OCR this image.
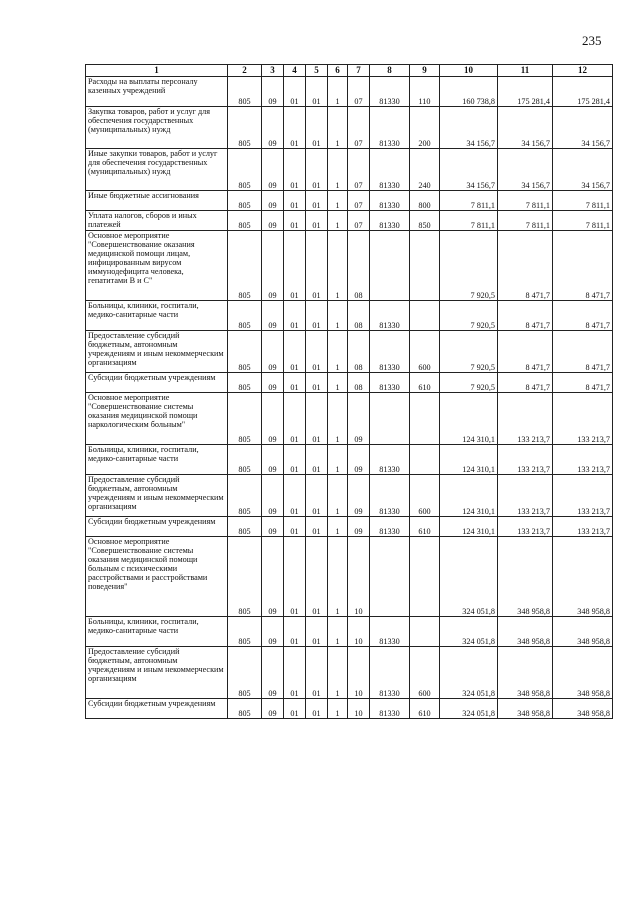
235
1	2	3	4	5	6	7	8	9	10	11	12
Расходы на выплаты персоналу казенных учреждений	805	09	01	01	1	07	81330	110	160 738,8	175 281,4	175 281,4
Закупка товаров, работ и услуг для обеспечения государственных (муниципальных) нужд	805	09	01	01	1	07	81330	200	34 156,7	34 156,7	34 156,7
Иные закупки товаров, работ и услуг для обеспечения государственных (муниципальных) нужд	805	09	01	01	1	07	81330	240	34 156,7	34 156,7	34 156,7
Иные бюджетные ассигнования	805	09	01	01	1	07	81330	800	7 811,1	7 811,1	7 811,1
Уплата налогов, сборов и иных платежей	805	09	01	01	1	07	81330	850	7 811,1	7 811,1	7 811,1
Основное мероприятие "Совершенствование оказания медицинской помощи лицам, инфицированным вирусом иммунодефицита человека, гепатитами В и С"	805	09	01	01	1	08			7 920,5	8 471,7	8 471,7
Больницы, клиники, госпитали, медико-санитарные части	805	09	01	01	1	08	81330		7 920,5	8 471,7	8 471,7
Предоставление субсидий бюджетным, автономным учреждениям и иным некоммерческим организациям	805	09	01	01	1	08	81330	600	7 920,5	8 471,7	8 471,7
Субсидии бюджетным учреждениям	805	09	01	01	1	08	81330	610	7 920,5	8 471,7	8 471,7
Основное мероприятие "Совершенствование системы оказания медицинской помощи наркологическим больным"	805	09	01	01	1	09			124 310,1	133 213,7	133 213,7
Больницы, клиники, госпитали, медико-санитарные части	805	09	01	01	1	09	81330		124 310,1	133 213,7	133 213,7
Предоставление субсидий бюджетным, автономным учреждениям и иным некоммерческим организациям	805	09	01	01	1	09	81330	600	124 310,1	133 213,7	133 213,7
Субсидии бюджетным учреждениям	805	09	01	01	1	09	81330	610	124 310,1	133 213,7	133 213,7
Основное мероприятие "Совершенствование системы оказания медицинской помощи больным с психическими расстройствами и расстройствами поведения"	805	09	01	01	1	10			324 051,8	348 958,8	348 958,8
Больницы, клиники, госпитали, медико-санитарные части	805	09	01	01	1	10	81330		324 051,8	348 958,8	348 958,8
Предоставление субсидий бюджетным, автономным учреждениям и иным некоммерческим организациям	805	09	01	01	1	10	81330	600	324 051,8	348 958,8	348 958,8
Субсидии бюджетным учреждениям	805	09	01	01	1	10	81330	610	324 051,8	348 958,8	348 958,8
